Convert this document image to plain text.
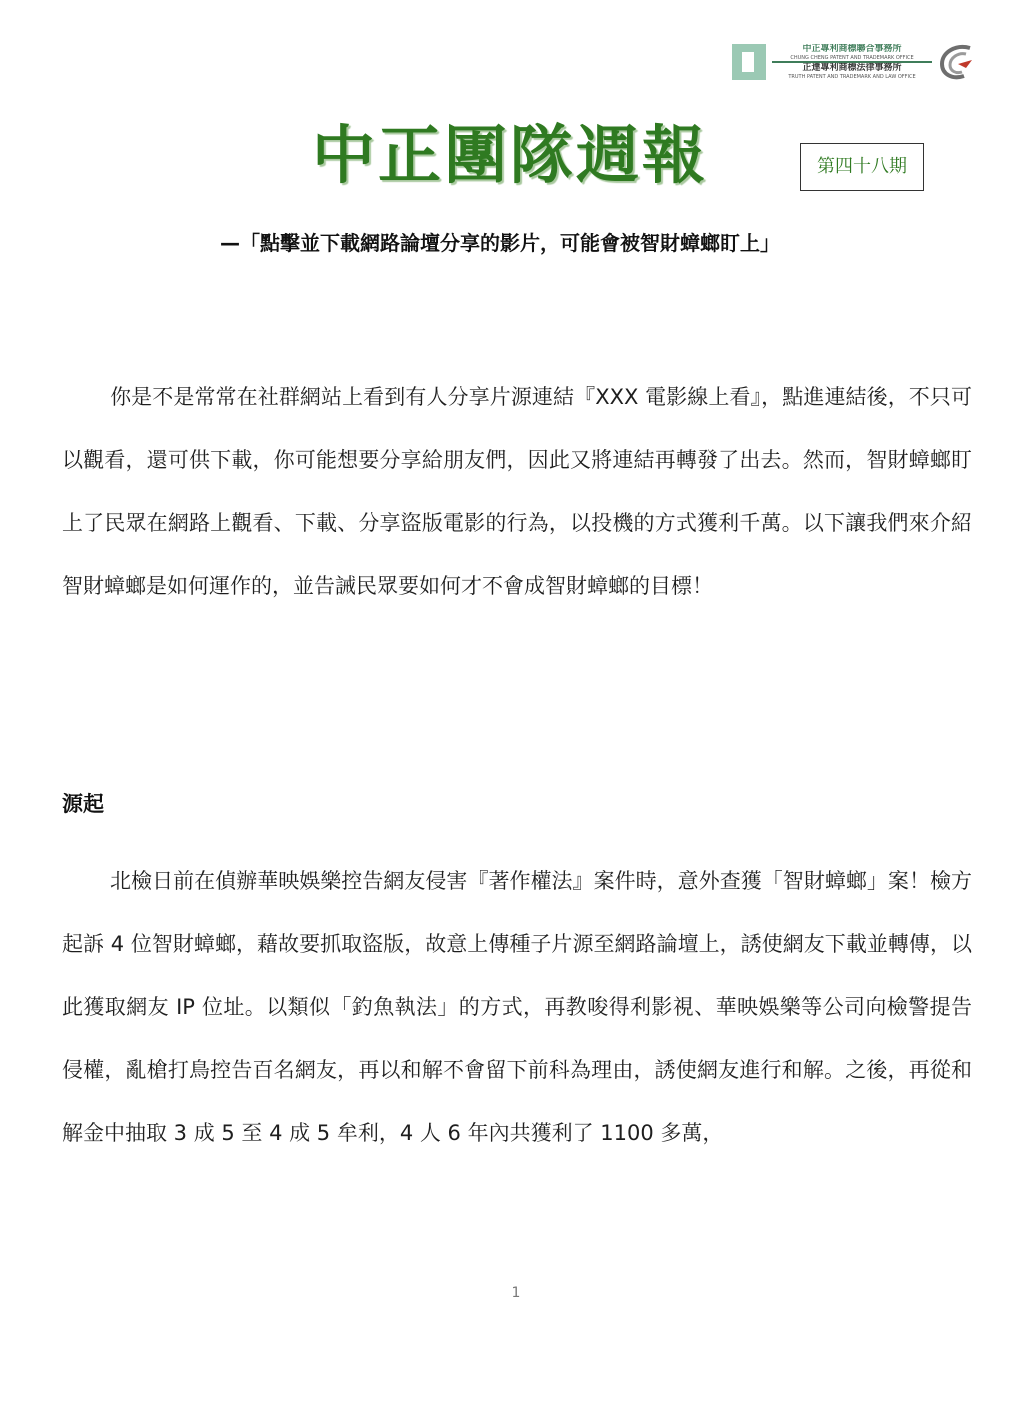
中正專利商標聯合事務所
CHUNG CHENG PATENT AND TRADEMARK OFFICE
正達專利商標法律事務所
TRUTH PATENT AND TRADEMARK AND LAW OFFICE
中正團隊週報	第四十八期
—「點擊並下載網路論壇分享的影片，可能會被智財蟑螂盯上」

你是不是常常在社群網站上看到有人分享片源連結『XXX 電影線上看』，點進連結後，不只可以觀看，還可供下載，你可能想要分享給朋友們，因此又將連結再轉發了出去。然而，智財蟑螂盯上了民眾在網路上觀看、下載、分享盜版電影的行為，以投機的方式獲利千萬。以下讓我們來介紹智財蟑螂是如何運作的，並告誡民眾要如何才不會成智財蟑螂的目標！

源起

北檢日前在偵辦華映娛樂控告網友侵害『著作權法』案件時，意外查獲「智財蟑螂」案！檢方起訴 4 位智財蟑螂，藉故要抓取盜版，故意上傳種子片源至網路論壇上，誘使網友下載並轉傳，以此獲取網友 IP 位址。以類似「釣魚執法」的方式，再教唆得利影視、華映娛樂等公司向檢警提告侵權，亂槍打鳥控告百名網友，再以和解不會留下前科為理由，誘使網友進行和解。之後，再從和解金中抽取 3 成 5 至 4 成 5 牟利，4 人 6 年內共獲利了 1100 多萬，

1
